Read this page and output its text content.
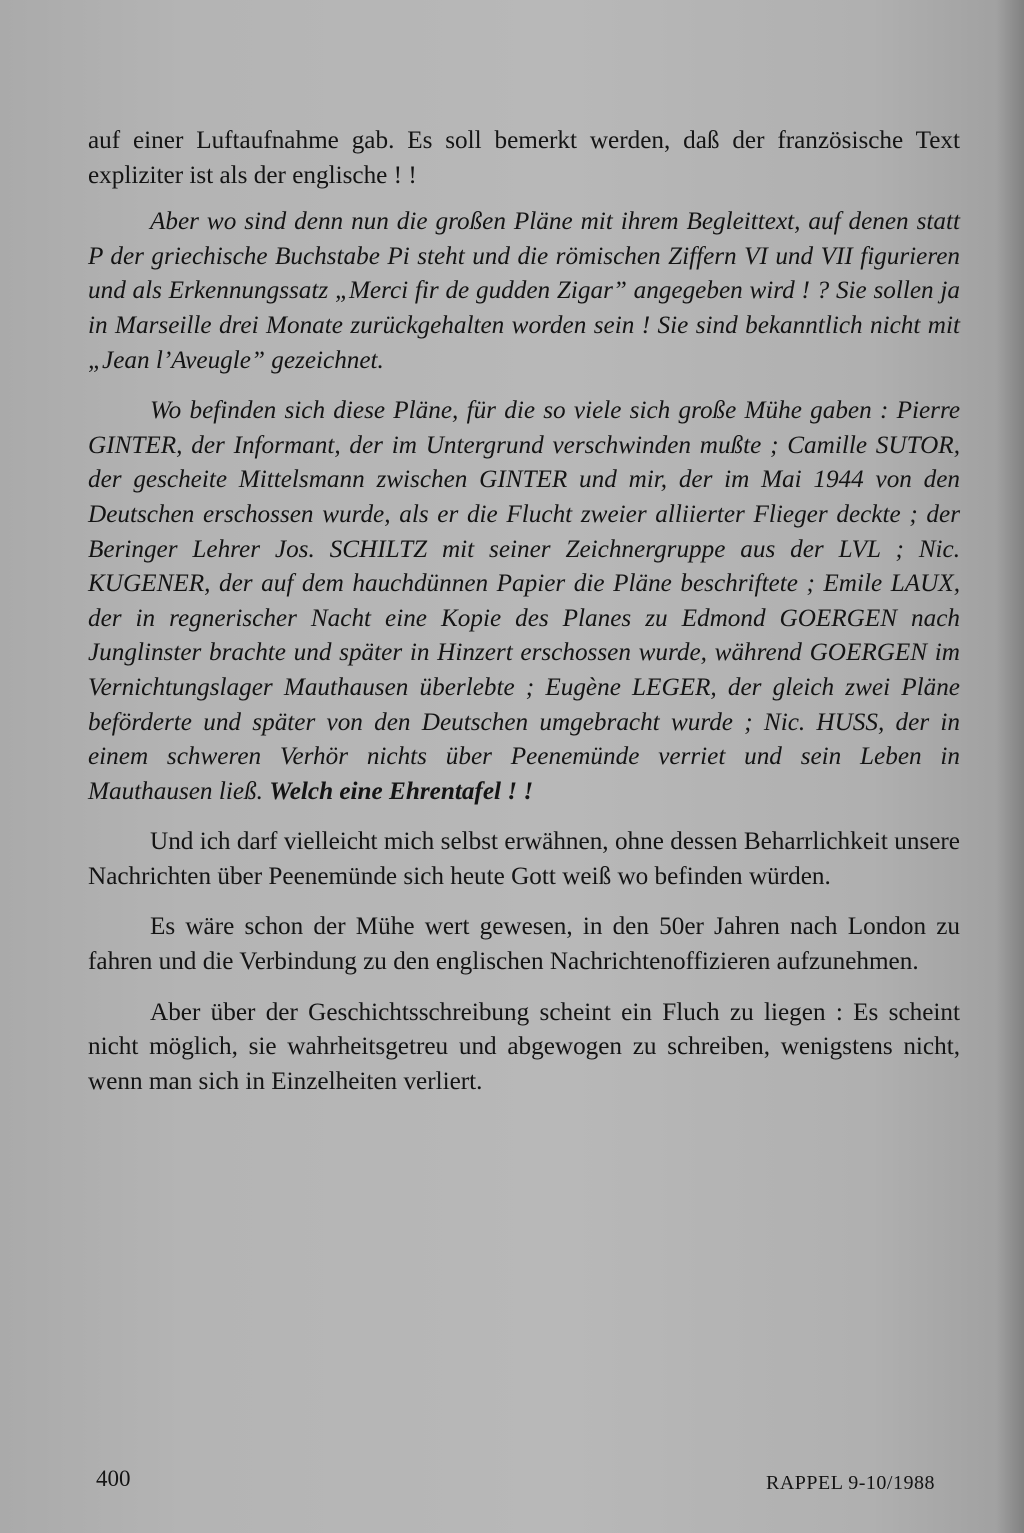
auf einer Luftaufnahme gab. Es soll bemerkt werden, daß der französische Text expliziter ist als der englische ! !

Aber wo sind denn nun die großen Pläne mit ihrem Begleittext, auf denen statt P der griechische Buchstabe Pi steht und die römischen Ziffern VI und VII figurieren und als Erkennungssatz „Merci fir de gudden Zigar” angegeben wird ! ? Sie sollen ja in Marseille drei Monate zurückgehalten worden sein ! Sie sind bekanntlich nicht mit „Jean l’Aveugle” gezeichnet.

Wo befinden sich diese Pläne, für die so viele sich große Mühe gaben : Pierre GINTER, der Informant, der im Untergrund verschwinden mußte ; Camille SUTOR, der gescheite Mittelsmann zwischen GINTER und mir, der im Mai 1944 von den Deutschen erschossen wurde, als er die Flucht zweier alliierter Flieger deckte ; der Beringer Lehrer Jos. SCHILTZ mit seiner Zeichnergruppe aus der LVL ; Nic. KUGENER, der auf dem hauchdünnen Papier die Pläne beschriftete ; Emile LAUX, der in regnerischer Nacht eine Kopie des Planes zu Edmond GOERGEN nach Junglinster brachte und später in Hinzert erschossen wurde, während GOERGEN im Vernichtungslager Mauthausen überlebte ; Eugène LEGER, der gleich zwei Pläne beförderte und später von den Deutschen umgebracht wurde ; Nic. HUSS, der in einem schweren Verhör nichts über Peenemünde verriet und sein Leben in Mauthausen ließ. Welch eine Ehrentafel ! !

Und ich darf vielleicht mich selbst erwähnen, ohne dessen Beharrlichkeit unsere Nachrichten über Peenemünde sich heute Gott weiß wo befinden würden.

Es wäre schon der Mühe wert gewesen, in den 50er Jahren nach London zu fahren und die Verbindung zu den englischen Nachrichtenoffizieren aufzunehmen.

Aber über der Geschichtsschreibung scheint ein Fluch zu liegen : Es scheint nicht möglich, sie wahrheitsgetreu und abgewogen zu schreiben, wenigstens nicht, wenn man sich in Einzelheiten verliert.

400	RAPPEL 9-10/1988
